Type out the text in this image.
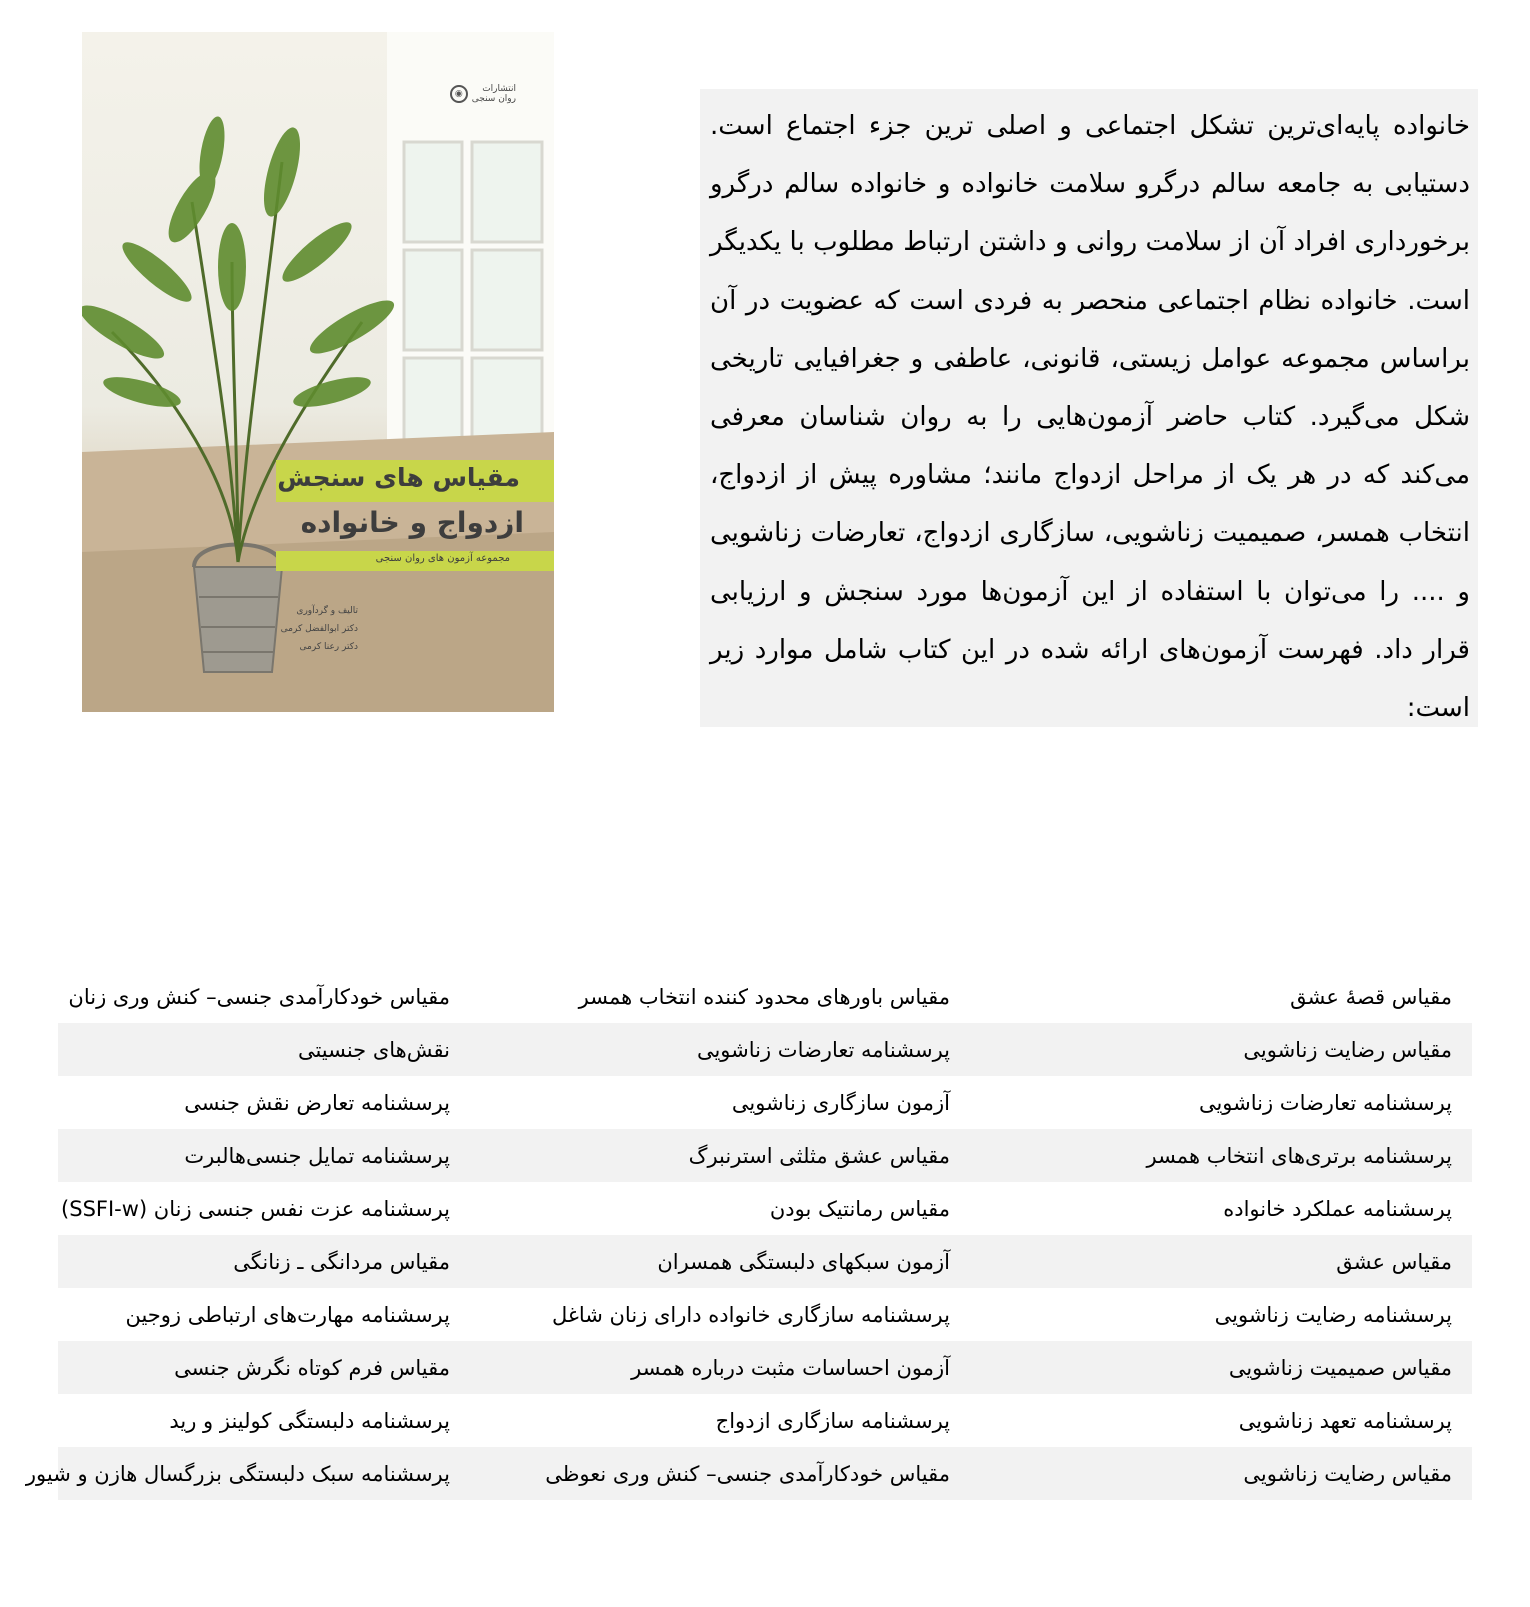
انتشارات
روان سنجی
◉
مقیاس های سنجش
ازدواج و خانواده
مجموعه آزمون های روان سنجی
تالیف و گردآوری
دکتر ابوالفضل کرمی
دکتر رعنا کرمی

خانواده پایه‌ای‌ترین تشکل اجتماعی و اصلی ترین جزء اجتماع است. دستیابی به جامعه سالم درگرو سلامت خانواده و خانواده سالم درگرو برخورداری افراد آن از سلامت روانی و داشتن ارتباط مطلوب با یکدیگر است. خانواده نظام اجتماعی منحصر به فردی است که عضویت در آن براساس مجموعه عوامل زیستی، قانونی، عاطفی و جغرافیایی تاریخی شکل می‌گیرد. کتاب حاضر آزمون‌هایی را به روان شناسان معرفی می‌کند که در هر یک از مراحل ازدواج مانند؛ مشاوره پیش از ازدواج، انتخاب همسر، صمیمیت زناشویی، سازگاری ازدواج، تعارضات زناشویی و .... را می‌توان با استفاده از این آزمون‌ها مورد سنجش و ارزیابی قرار داد. فهرست آزمون‌های ارائه شده در این کتاب شامل موارد زیر است:

مقیاس قصۀ عشق
مقیاس باورهای محدود کننده انتخاب همسر
مقیاس خودکارآمدی جنسی– کنش وری زنان
مقیاس رضایت زناشویی
پرسشنامه تعارضات زناشویی
نقش‌های جنسیتی
پرسشنامه تعارضات زناشویی
آزمون سازگاری زناشویی
پرسشنامه تعارض نقش جنسی
پرسشنامه برتری‌های انتخاب همسر
مقیاس عشق مثلثی استرنبرگ
پرسشنامه تمایل جنسی‌هالبرت
پرسشنامه عملکرد خانواده
مقیاس رمانتیک بودن
پرسشنامه عزت نفس جنسی زنان (SSFI-w)
مقیاس عشق
آزمون سبکهای دلبستگی همسران
مقیاس مردانگی ـ زنانگی
پرسشنامه رضایت زناشویی
پرسشنامه سازگاری خانواده دارای زنان شاغل
پرسشنامه مهارت‌های ارتباطی زوجین
مقیاس صمیمیت زناشویی
آزمون احساسات مثبت درباره همسر
مقیاس فرم کوتاه نگرش جنسی
پرسشنامه تعهد زناشویی
پرسشنامه سازگاری ازدواج
پرسشنامه دلبستگی کولینز و رید
مقیاس رضایت زناشویی
مقیاس خودکارآمدی جنسی– کنش وری نعوظی
پرسشنامه سبک دلبستگی بزرگسال هازن و شیور
